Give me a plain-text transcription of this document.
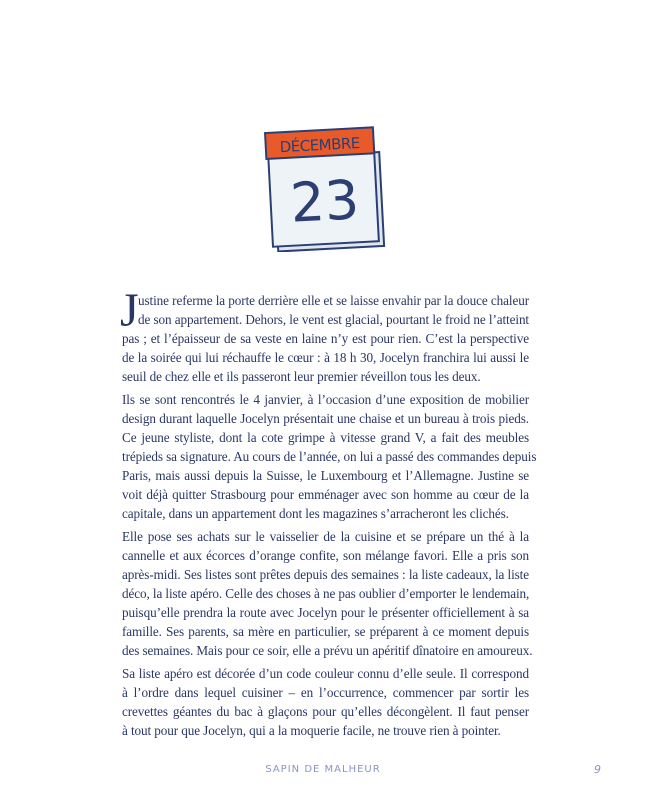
DÉCEMBRE
23
J ustine referme la porte derrière elle et se laisse envahir par la douce chaleur
de son appartement. Dehors, le vent est glacial, pourtant le froid ne l’atteint
pas ; et l’épaisseur de sa veste en laine n’y est pour rien. C’est la perspective
de la soirée qui lui réchauffe le cœur : à 18 h 30, Jocelyn franchira lui aussi le
seuil de chez elle et ils passeront leur premier réveillon tous les deux.
Ils se sont rencontrés le 4 janvier, à l’occasion d’une exposition de mobilier
design durant laquelle Jocelyn présentait une chaise et un bureau à trois pieds.
Ce jeune styliste, dont la cote grimpe à vitesse grand V, a fait des meubles
trépieds sa signature. Au cours de l’année, on lui a passé des commandes depuis
Paris, mais aussi depuis la Suisse, le Luxembourg et l’Allemagne. Justine se
voit déjà quitter Strasbourg pour emménager avec son homme au cœur de la
capitale, dans un appartement dont les magazines s’arracheront les clichés.
Elle pose ses achats sur le vaisselier de la cuisine et se prépare un thé à la
cannelle et aux écorces d’orange confite, son mélange favori. Elle a pris son
après-midi. Ses listes sont prêtes depuis des semaines : la liste cadeaux, la liste
déco, la liste apéro. Celle des choses à ne pas oublier d’emporter le lendemain,
puisqu’elle prendra la route avec Jocelyn pour le présenter officiellement à sa
famille. Ses parents, sa mère en particulier, se préparent à ce moment depuis
des semaines. Mais pour ce soir, elle a prévu un apéritif dînatoire en amoureux.
Sa liste apéro est décorée d’un code couleur connu d’elle seule. Il correspond
à l’ordre dans lequel cuisiner – en l’occurrence, commencer par sortir les
crevettes géantes du bac à glaçons pour qu’elles décongèlent. Il faut penser
à tout pour que Jocelyn, qui a la moquerie facile, ne trouve rien à pointer.
SAPIN DE MALHEUR	9
